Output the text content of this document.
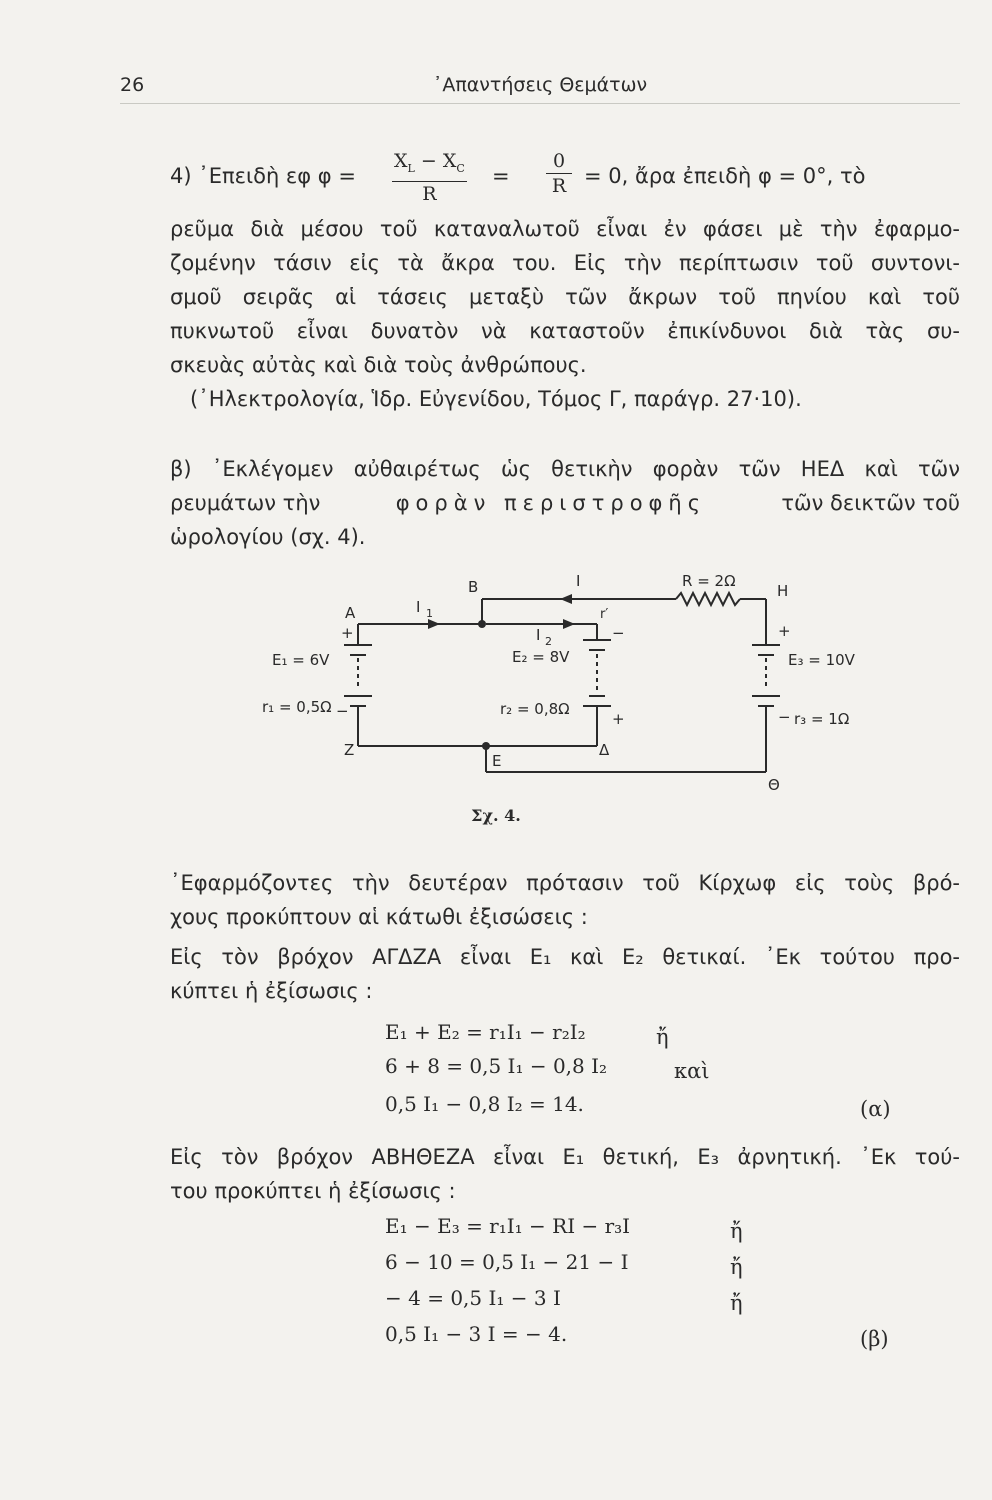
26	᾿Απαντήσεις Θεμάτων
4) ᾿Επειδὴ εφ $\varphi = \frac{X_L - X_C}{R} = \frac{0}{R} = 0$, ἄρα ἐπειδὴ φ = 0°, τὸ
ρεῦμα διὰ μέσου τοῦ καταναλωτοῦ εἶναι ἐν φάσει μὲ τὴν ἐφαρμο-
ζομένην τάσιν εἰς τὰ ἄκρα του. Εἰς τὴν περίπτωσιν τοῦ συντονι-
σμοῦ σειρᾶς αἱ τάσεις μεταξὺ τῶν ἄκρων τοῦ πηνίου καὶ τοῦ
πυκνωτοῦ εἶναι δυνατὸν νὰ καταστοῦν ἐπικίνδυνοι διὰ τὰς συ-
σκευὰς αὐτὰς καὶ διὰ τοὺς ἀνθρώπους.
(᾿Ηλεκτρολογία, Ἱδρ. Εὐγενίδου, Τόμος Γ, παράγρ. 27·10).
β) ᾿Εκλέγομεν αὐθαιρέτως ὡς θετικὴν φορὰν τῶν ΗΕΔ καὶ τῶν
ρευμάτων τὴν	φορὰν περιστροφῆς	τῶν δεικτῶν τοῦ
ὡρολογίου (σχ. 4).
A
B	H
Z
E
Δ
Θ
I
I 1
I 2
R = 2Ω
r′
E₁ = 6V	E₂ = 8V	E₃ = 10V
r₁ = 0,5Ω	r₂ = 0,8Ω
r₃ = 1Ω
+
−
−
+
+
−
Σχ. 4.
᾿Εφαρμόζοντες τὴν δευτέραν πρότασιν τοῦ Κίρχωφ εἰς τοὺς βρό-
χους προκύπτουν αἱ κάτωθι ἐξισώσεις :
Εἰς τὸν βρόχον ΑΓΔΖΑ εἶναι E₁ καὶ E₂ θετικαί. ᾿Εκ τούτου προ-
κύπτει ἡ ἐξίσωσις :
E₁ + E₂ = r₁I₁ − r₂I₂	ἤ
6 + 8 = 0,5 I₁ − 0,8 I₂	καὶ
0,5 I₁ − 0,8 I₂ = 14.	(α)
Εἰς τὸν βρόχον ΑΒΗΘΕΖΑ εἶναι E₁ θετική, E₃ ἀρνητική. ᾿Εκ τού-
του προκύπτει ἡ ἐξίσωσις :
E₁ − E₃ = r₁I₁ − RI − r₃I	ἤ
6 − 10 = 0,5 I₁ − 21 − I	ἤ
− 4 = 0,5 I₁ − 3 I	ἤ
0,5 I₁ − 3 I = − 4.	(β)
